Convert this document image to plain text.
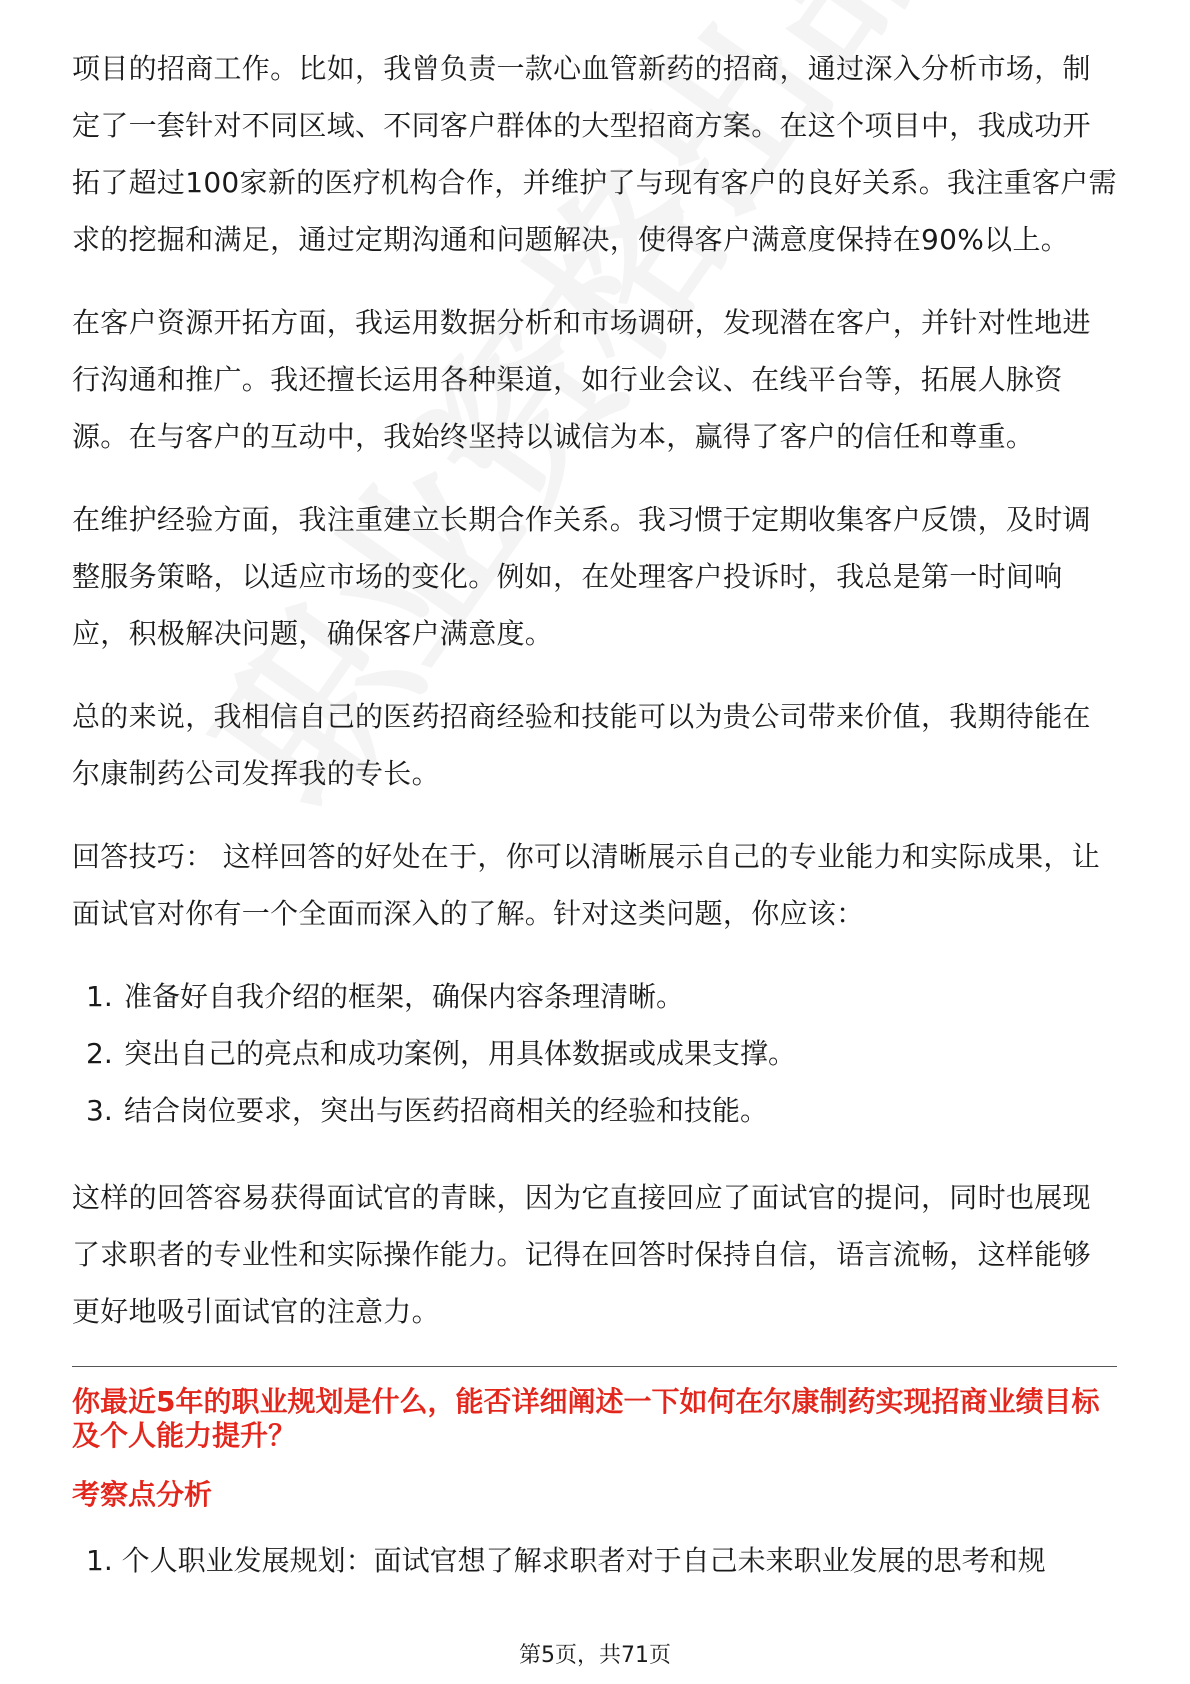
项目的招商工作。比如，我曾负责一款心血管新药的招商，通过深入分析市场，制定了一套针对不同区域、不同客户群体的大型招商方案。在这个项目中，我成功开拓了超过100家新的医疗机构合作，并维护了与现有客户的良好关系。我注重客户需求的挖掘和满足，通过定期沟通和问题解决，使得客户满意度保持在90%以上。

在客户资源开拓方面，我运用数据分析和市场调研，发现潜在客户，并针对性地进行沟通和推广。我还擅长运用各种渠道，如行业会议、在线平台等，拓展人脉资源。在与客户的互动中，我始终坚持以诚信为本，赢得了客户的信任和尊重。

在维护经验方面，我注重建立长期合作关系。我习惯于定期收集客户反馈，及时调整服务策略，以适应市场的变化。例如，在处理客户投诉时，我总是第一时间响应，积极解决问题，确保客户满意度。

总的来说，我相信自己的医药招商经验和技能可以为贵公司带来价值，我期待能在尔康制药公司发挥我的专长。

回答技巧： 这样回答的好处在于，你可以清晰展示自己的专业能力和实际成果，让面试官对你有一个全面而深入的了解。针对这类问题，你应该：

1. 准备好自我介绍的框架，确保内容条理清晰。
2. 突出自己的亮点和成功案例，用具体数据或成果支撑。
3. 结合岗位要求，突出与医药招商相关的经验和技能。

这样的回答容易获得面试官的青睐，因为它直接回应了面试官的提问，同时也展现了求职者的专业性和实际操作能力。记得在回答时保持自信，语言流畅，这样能够更好地吸引面试官的注意力。

你最近5年的职业规划是什么，能否详细阐述一下如何在尔康制药实现招商业绩目标及个人能力提升？
考察点分析
1. 个人职业发展规划：面试官想了解求职者对于自己未来职业发展的思考和规
第5页，共71页
